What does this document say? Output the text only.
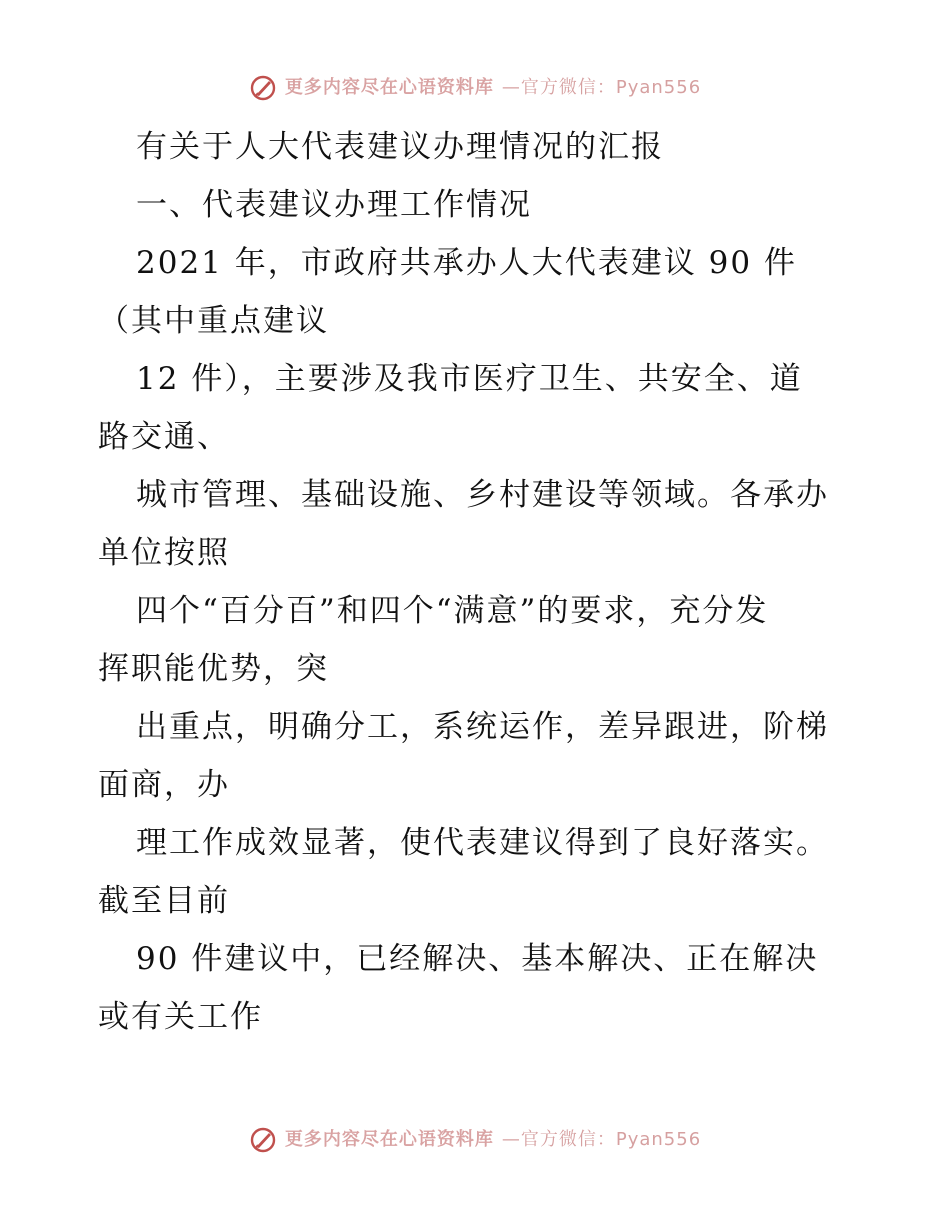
更多内容尽在心语资料库 —官方微信：Pyan556
有关于人大代表建议办理情况的汇报
一、代表建议办理工作情况
2021 年，市政府共承办人大代表建议 90 件
（其中重点建议
12 件），主要涉及我市医疗卫生、共安全、道
路交通、
城市管理、基础设施、乡村建设等领域。各承办
单位按照
四个“百分百”和四个“满意”的要求，充分发
挥职能优势，突
出重点，明确分工，系统运作，差异跟进，阶梯
面商，办
理工作成效显著，使代表建议得到了良好落实。
截至目前
90 件建议中，已经解决、基本解决、正在解决
或有关工作
更多内容尽在心语资料库 —官方微信：Pyan556
